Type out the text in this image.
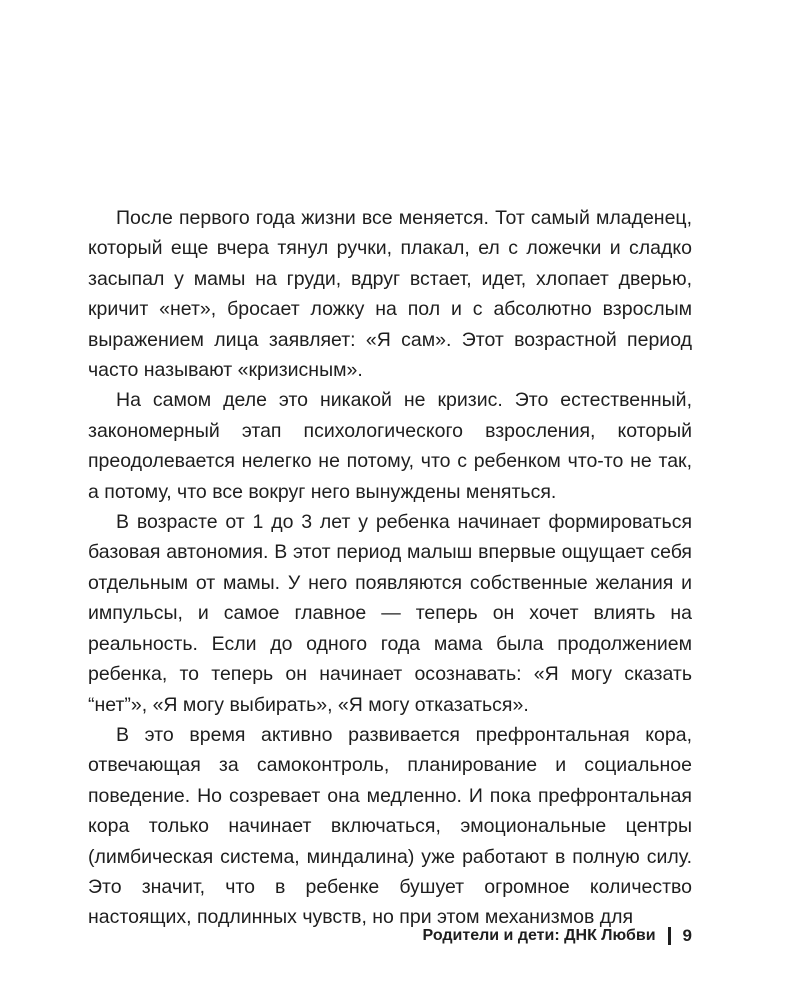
После первого года жизни все меняется. Тот самый младенец, который еще вчера тянул ручки, плакал, ел с ложечки и сладко засыпал у мамы на груди, вдруг встает, идет, хлопает дверью, кричит «нет», бросает ложку на пол и с абсолютно взрослым выражением лица заявляет: «Я сам». Этот возрастной период часто называют «кризисным».

На самом деле это никакой не кризис. Это естественный, закономерный этап психологического взросления, который преодолевается нелегко не потому, что с ребенком что-то не так, а потому, что все вокруг него вынуждены меняться.

В возрасте от 1 до 3 лет у ребенка начинает формироваться базовая автономия. В этот период малыш впервые ощущает себя отдельным от мамы. У него появляются собственные желания и импульсы, и самое главное — теперь он хочет влиять на реальность. Если до одного года мама была продолжением ребенка, то теперь он начинает осознавать: «Я могу сказать “нет”», «Я могу выбирать», «Я могу отказаться».

В это время активно развивается префронтальная кора, отвечающая за самоконтроль, планирование и социальное поведение. Но созревает она медленно. И пока префронтальная кора только начинает включаться, эмоциональные центры (лимбическая система, миндалина) уже работают в полную силу. Это значит, что в ребенке бушует огромное количество настоящих, подлинных чувств, но при этом механизмов для

Родители и дети: ДНК Любви 9
